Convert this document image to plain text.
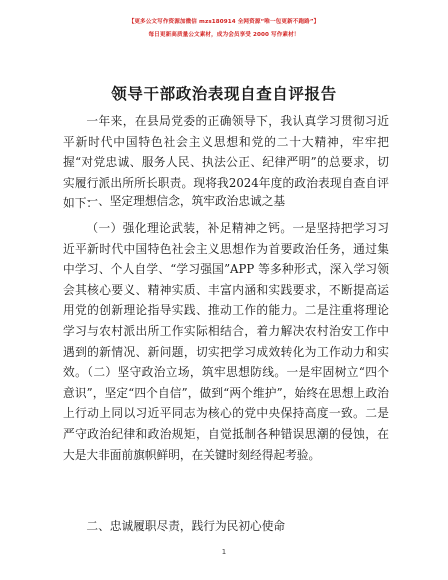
【更多公文写作资源加微信 mzs180914 全网资源“唯一包更新不跑路”】
每日更新高质量公文素材，成为会员享受 2000 写作素材！
领导干部政治表现自查自评报告

一年来，在县局党委的正确领导下，我认真学习贯彻习近平新时代中国特色社会主义思想和党的二十大精神，牢牢把握“对党忠诚、服务人民、执法公正、纪律严明”的总要求，切实履行派出所所长职责。现将我2024年度的政治表现自查自评如下：

一、坚定理想信念，筑牢政治忠诚之基

（一）强化理论武装，补足精神之钙。一是坚持把学习习近平新时代中国特色社会主义思想作为首要政治任务，通过集中学习、个人自学、“学习强国”APP 等多种形式，深入学习领会其核心要义、精神实质、丰富内涵和实践要求，不断提高运用党的创新理论指导实践、推动工作的能力。二是注重将理论学习与农村派出所工作实际相结合，着力解决农村治安工作中遇到的新情况、新问题，切实把学习成效转化为工作动力和实效。（二）坚守政治立场，筑牢思想防线。一是牢固树立“四个意识”，坚定“四个自信”，做到“两个维护”，始终在思想上政治上行动上同以习近平同志为核心的党中央保持高度一致。二是严守政治纪律和政治规矩，自觉抵制各种错误思潮的侵蚀，在大是大非面前旗帜鲜明，在关键时刻经得起考验。

二、忠诚履职尽责，践行为民初心使命

1
